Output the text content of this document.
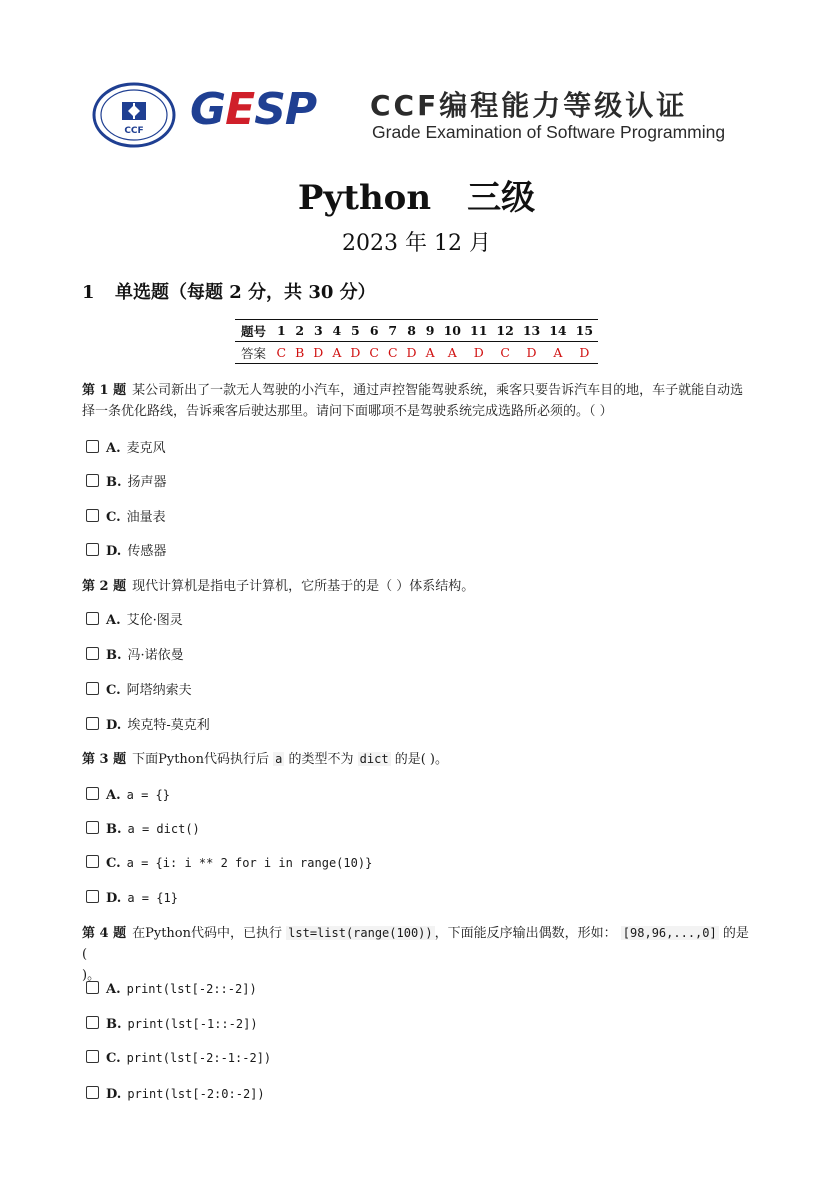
CCF GESP CCF编程能力等级认证
Grade Examination of Software Programming
Python 三级
2023 年 12 月
1 单选题（每题 2 分，共 30 分）
题号	1	2	3	4	5	6	7	8	9	10	11	12	13	14	15
答案	C	B	D	A	D	C	C	D	A	A	D	C	D	A	D
第 1 题 某公司新出了一款无人驾驶的小汽车，通过声控智能驾驶系统，乘客只要告诉汽车目的地，车子就能自动选择一条优化路线，告诉乘客后驶达那里。请问下面哪项不是驾驶系统完成选路所必须的。（ ）
A. 麦克风
B. 扬声器
C. 油量表
D. 传感器
第 2 题 现代计算机是指电子计算机，它所基于的是（ ）体系结构。
A. 艾伦·图灵
B. 冯·诺依曼
C. 阿塔纳索夫
D. 埃克特-莫克利
第 3 题 下面Python代码执行后 a 的类型不为 dict 的是( )。
A. a = {}
B. a = dict()
C. a = {i: i ** 2 for i in range(10)}
D. a = {1}
第 4 题 在Python代码中，已执行 lst=list(range(100)) ，下面能反序输出偶数，形如： [98,96,...,0] 的是(
)。
A. print(lst[-2::-2])
B. print(lst[-1::-2])
C. print(lst[-2:-1:-2])
D. print(lst[-2:0:-2])
